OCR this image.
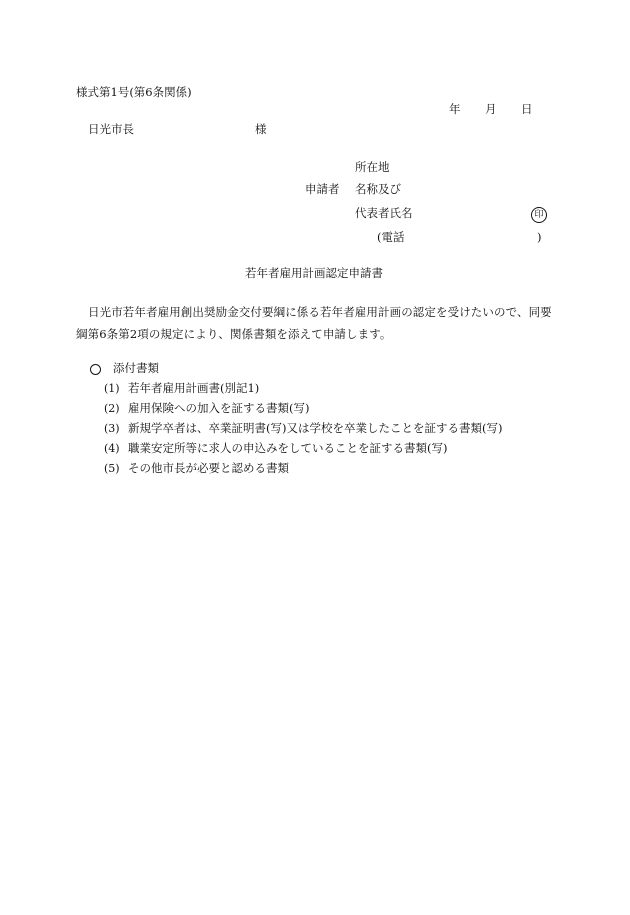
様式第1号(第6条関係)
年 月 日
日光市長	様
所在地
申請者 名称及び
代表者氏名	印
(電話	)
若年者雇用計画認定申請書
日光市若年者雇用創出奨励金交付要綱に係る若年者雇用計画の認定を受けたいので、同要綱第6条第2項の規定により、関係書類を添えて申請します。
添付書類
(1) 若年者雇用計画書(別記1)
(2) 雇用保険への加入を証する書類(写)
(3) 新規学卒者は、卒業証明書(写)又は学校を卒業したことを証する書類(写)
(4) 職業安定所等に求人の申込みをしていることを証する書類(写)
(5) その他市長が必要と認める書類
